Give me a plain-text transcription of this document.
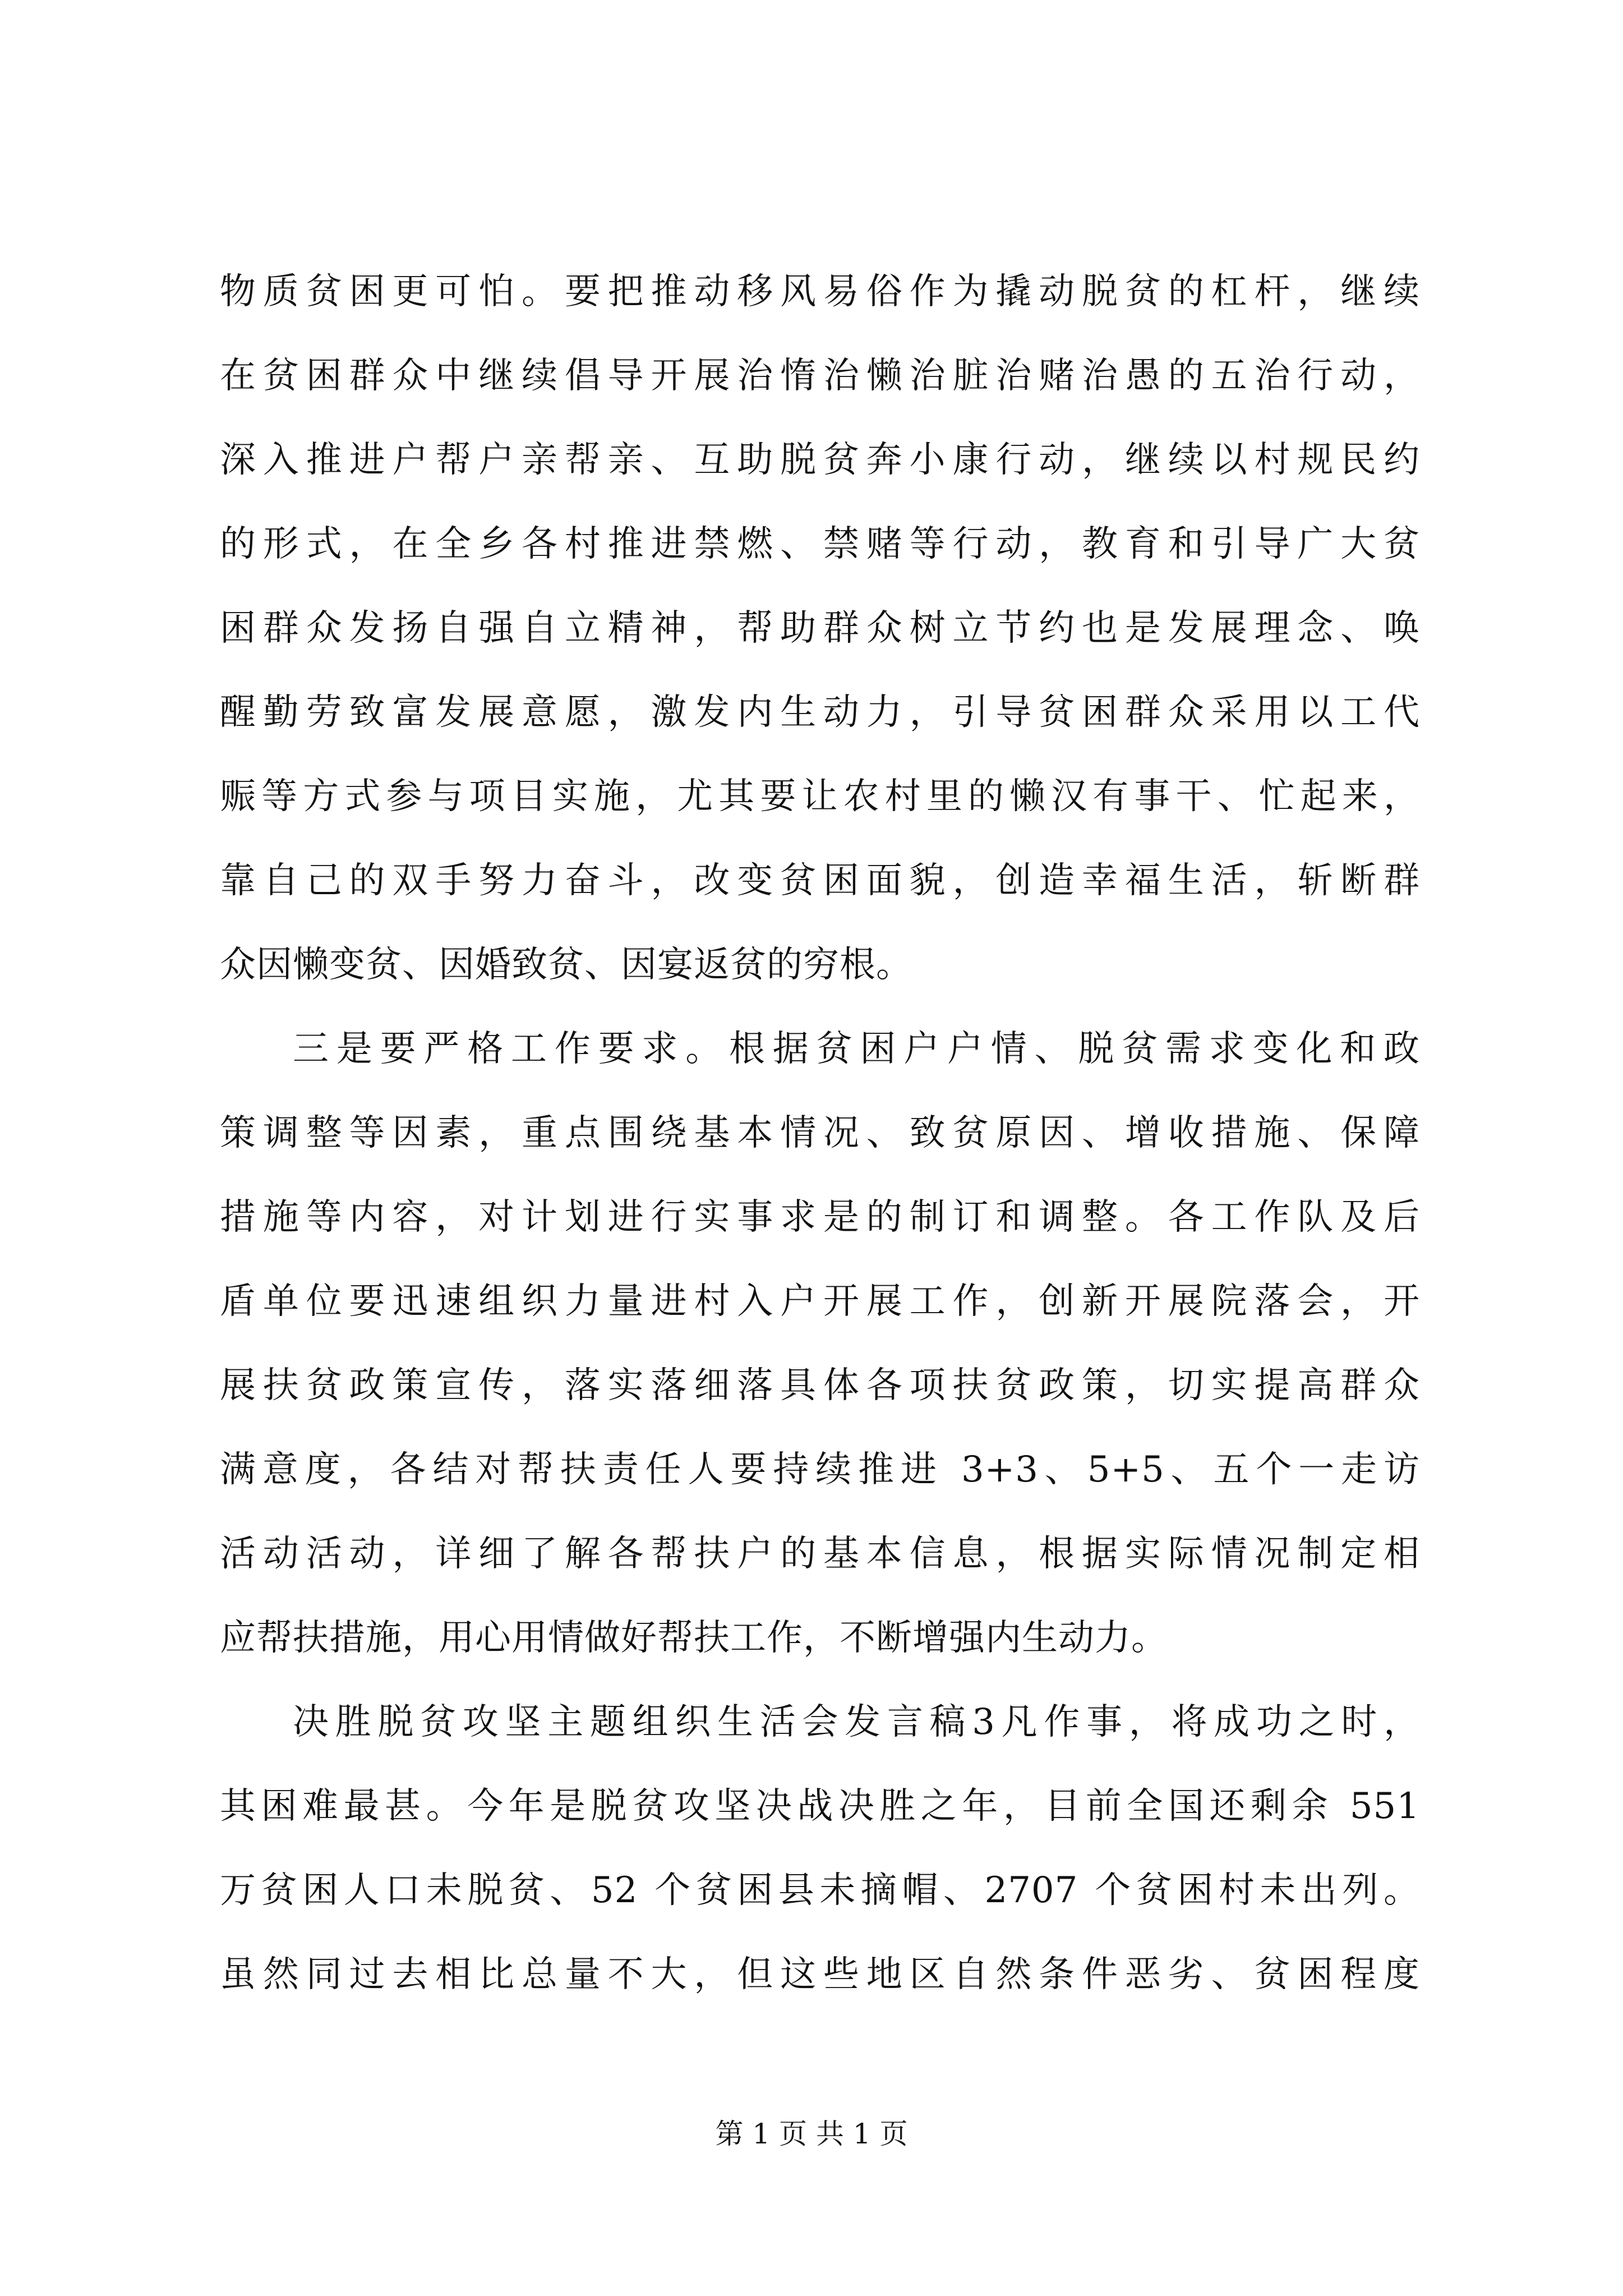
物质贫困更可怕。要把推动移风易俗作为撬动脱贫的杠杆，继续
在贫困群众中继续倡导开展治惰治懒治脏治赌治愚的五治行动，
深入推进户帮户亲帮亲、互助脱贫奔小康行动，继续以村规民约
的形式，在全乡各村推进禁燃、禁赌等行动，教育和引导广大贫
困群众发扬自强自立精神，帮助群众树立节约也是发展理念、唤
醒勤劳致富发展意愿，激发内生动力，引导贫困群众采用以工代
赈等方式参与项目实施，尤其要让农村里的懒汉有事干、忙起来，
靠自己的双手努力奋斗，改变贫困面貌，创造幸福生活，斩断群
众因懒变贫、因婚致贫、因宴返贫的穷根。
三是要严格工作要求。根据贫困户户情、脱贫需求变化和政
策调整等因素，重点围绕基本情况、致贫原因、增收措施、保障
措施等内容，对计划进行实事求是的制订和调整。各工作队及后
盾单位要迅速组织力量进村入户开展工作，创新开展院落会，开
展扶贫政策宣传，落实落细落具体各项扶贫政策，切实提高群众
满意度，各结对帮扶责任人要持续推进 3+3、5+5、五个一走访
活动活动，详细了解各帮扶户的基本信息，根据实际情况制定相
应帮扶措施，用心用情做好帮扶工作，不断增强内生动力。
决胜脱贫攻坚主题组织生活会发言稿3凡作事，将成功之时，
其困难最甚。今年是脱贫攻坚决战决胜之年，目前全国还剩余 551
万贫困人口未脱贫、52 个贫困县未摘帽、2707 个贫困村未出列。
虽然同过去相比总量不大，但这些地区自然条件恶劣、贫困程度
第 1 页 共 1 页
